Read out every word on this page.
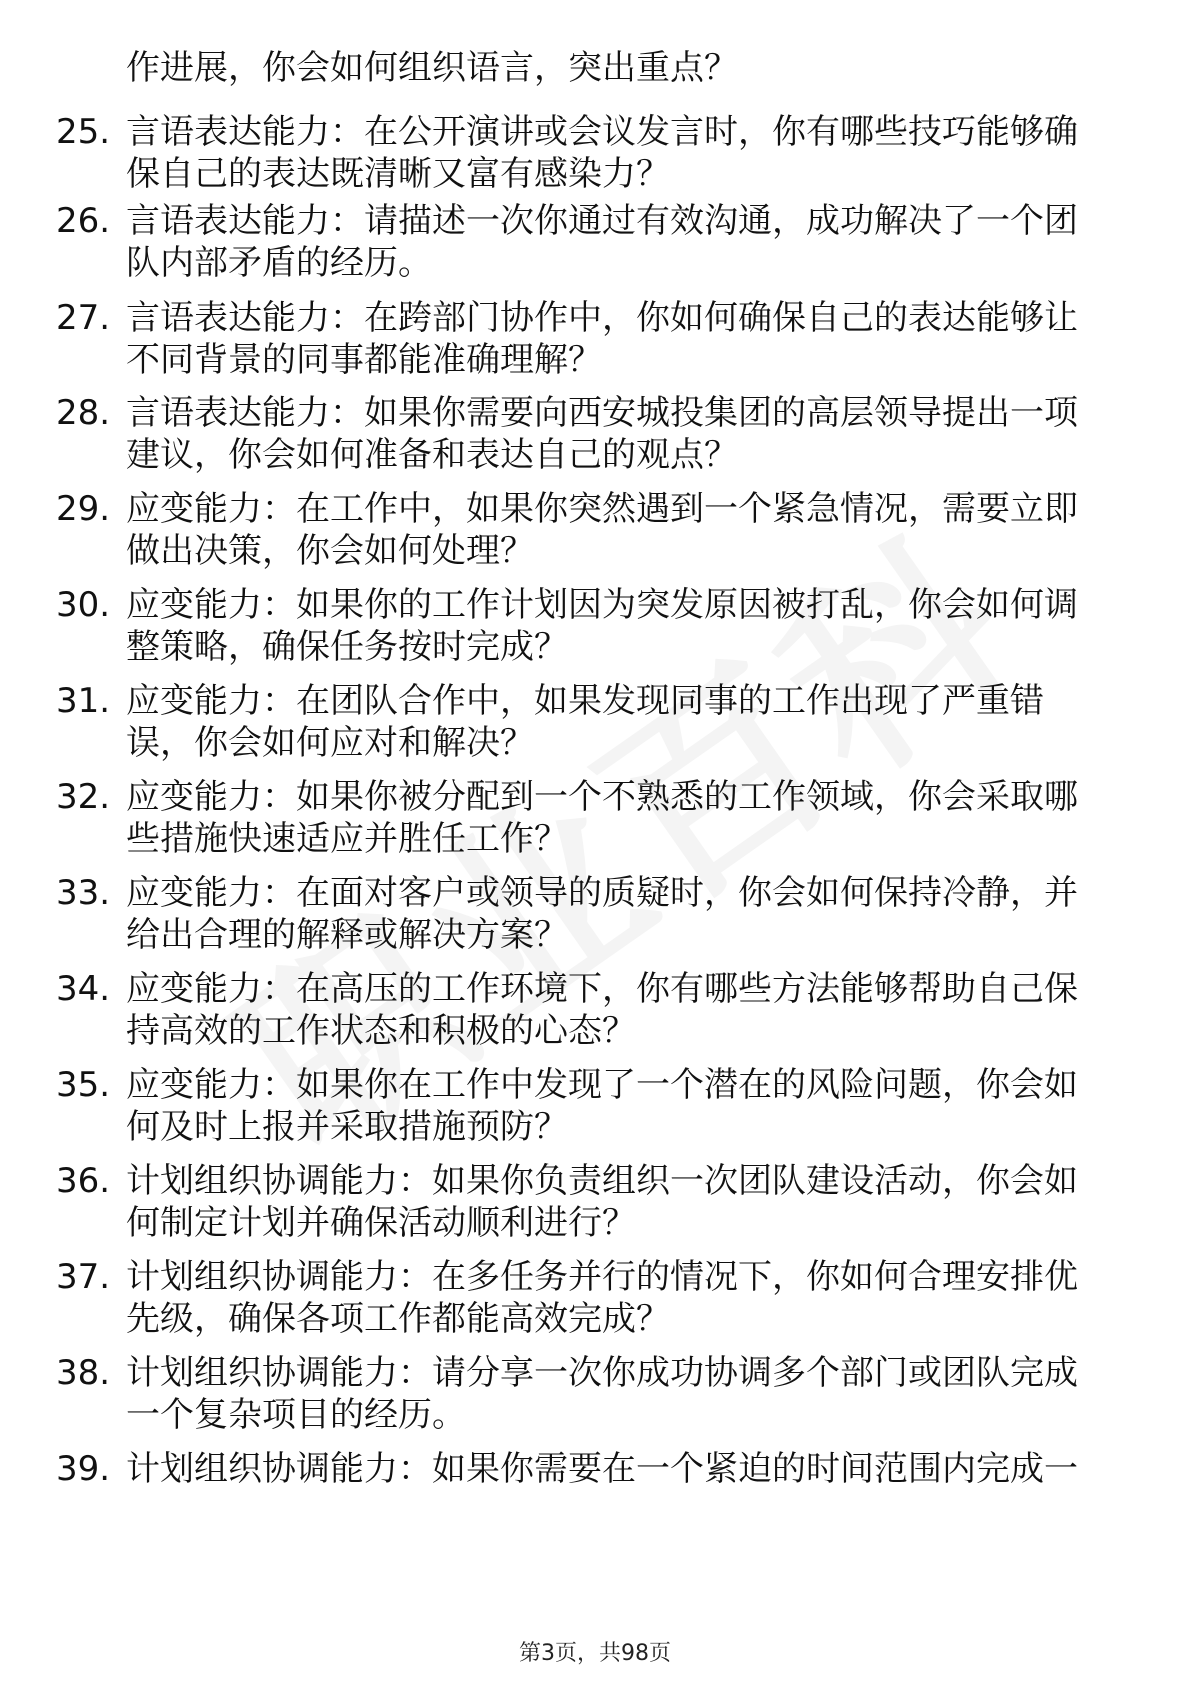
作进展，你会如何组织语言，突出重点？
25. 言语表达能力：在公开演讲或会议发言时，你有哪些技巧能够确
保自己的表达既清晰又富有感染力？
26. 言语表达能力：请描述一次你通过有效沟通，成功解决了一个团
队内部矛盾的经历。
27. 言语表达能力：在跨部门协作中，你如何确保自己的表达能够让
不同背景的同事都能准确理解？
28. 言语表达能力：如果你需要向西安城投集团的高层领导提出一项
建议，你会如何准备和表达自己的观点？
29. 应变能力：在工作中，如果你突然遇到一个紧急情况，需要立即
做出决策，你会如何处理？
30. 应变能力：如果你的工作计划因为突发原因被打乱，你会如何调
整策略，确保任务按时完成？
31. 应变能力：在团队合作中，如果发现同事的工作出现了严重错
误，你会如何应对和解决？
32. 应变能力：如果你被分配到一个不熟悉的工作领域，你会采取哪
些措施快速适应并胜任工作？
33. 应变能力：在面对客户或领导的质疑时，你会如何保持冷静，并
给出合理的解释或解决方案？
34. 应变能力：在高压的工作环境下，你有哪些方法能够帮助自己保
持高效的工作状态和积极的心态？
35. 应变能力：如果你在工作中发现了一个潜在的风险问题，你会如
何及时上报并采取措施预防？
36. 计划组织协调能力：如果你负责组织一次团队建设活动，你会如
何制定计划并确保活动顺利进行？
37. 计划组织协调能力：在多任务并行的情况下，你如何合理安排优
先级，确保各项工作都能高效完成？
38. 计划组织协调能力：请分享一次你成功协调多个部门或团队完成
一个复杂项目的经历。
39. 计划组织协调能力：如果你需要在一个紧迫的时间范围内完成一
第3页，共98页
